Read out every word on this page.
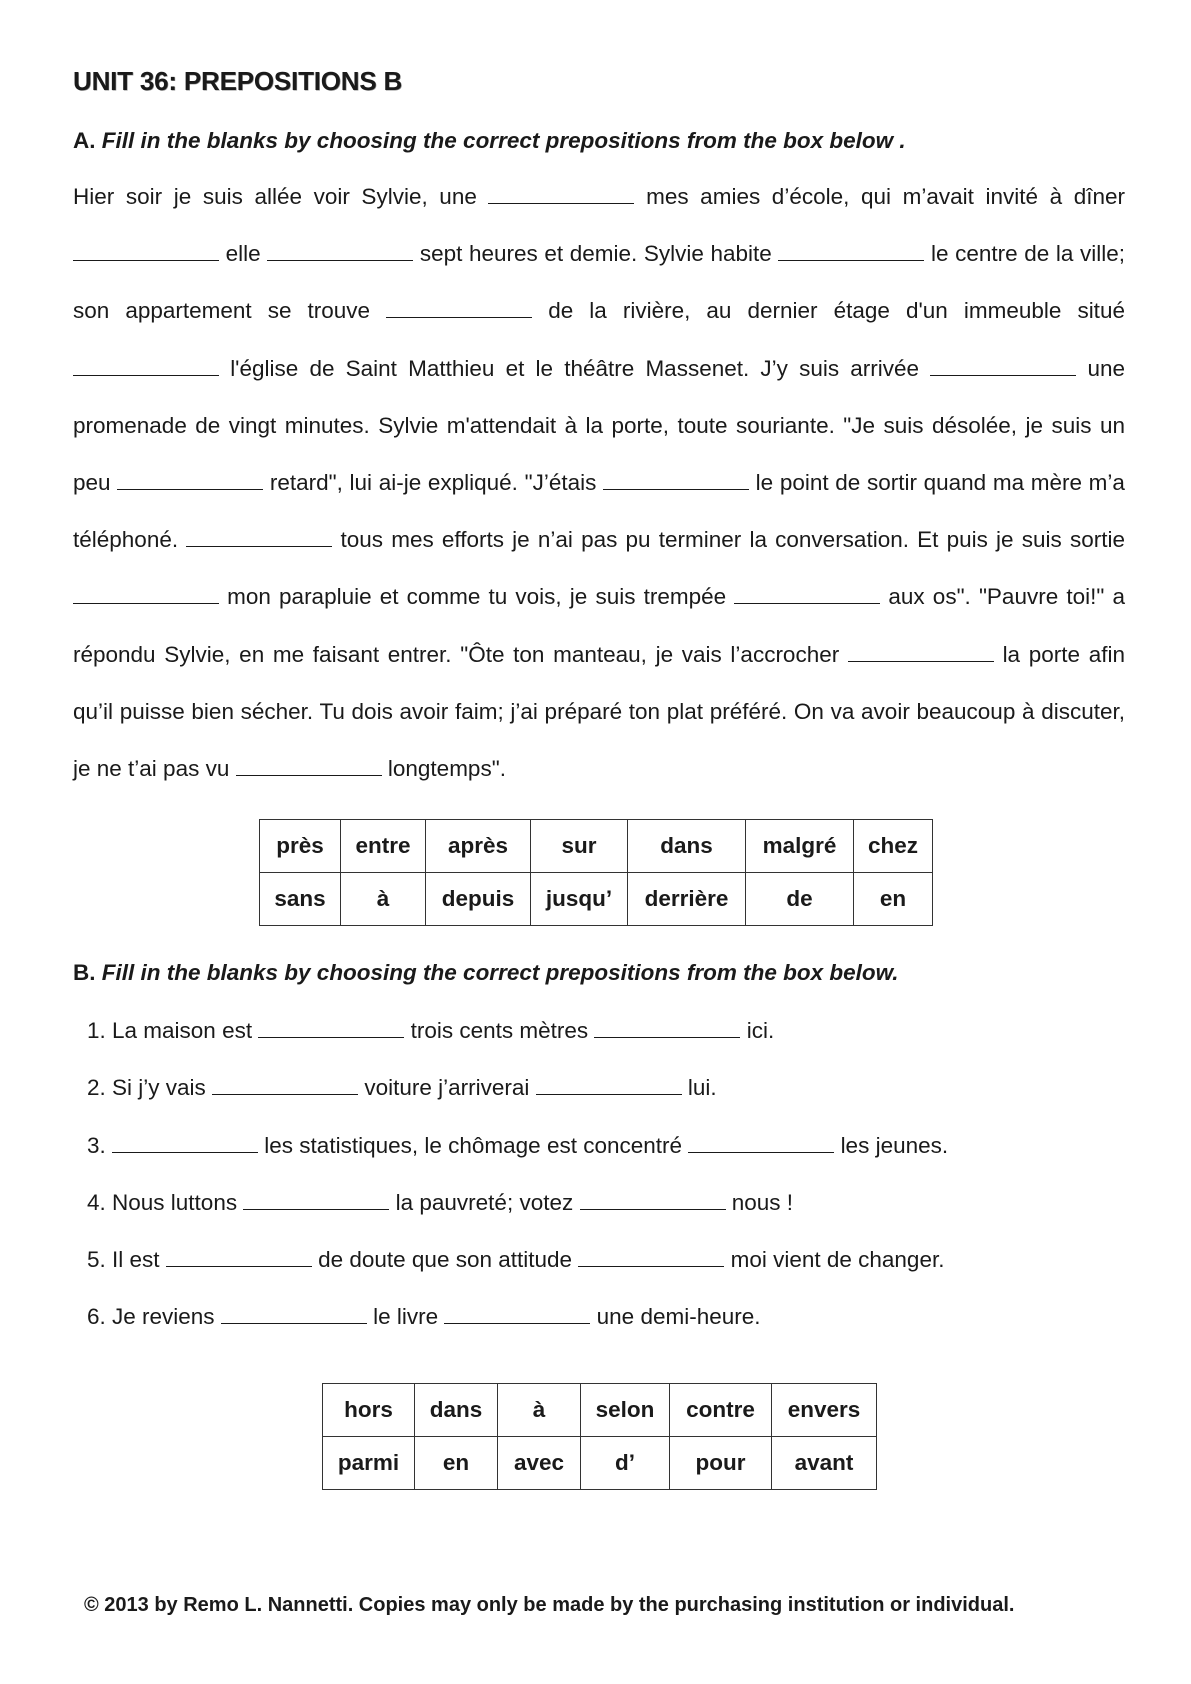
UNIT 36: PREPOSITIONS B

A. Fill in the blanks by choosing the correct prepositions from the box below .

Hier soir je suis allée voir Sylvie, une	mes amies d’école, qui m’avait invité à dîner  elle	sept heures et demie. Sylvie habite	le centre de la ville; son appartement se trouve	de la rivière, au dernier étage d'un immeuble situé  l'église de Saint Matthieu et le théâtre Massenet. J’y suis arrivée	une promenade de vingt minutes. Sylvie m'attendait à la porte, toute souriante. "Je suis désolée, je suis un peu	retard", lui ai-je expliqué. "J’étais	le point de sortir quand ma mère m’a téléphoné.	tous mes efforts je n’ai pas pu terminer la conversation. Et puis je suis sortie  mon parapluie et comme tu vois, je suis trempée	aux os". "Pauvre toi!" a répondu Sylvie, en me faisant entrer. "Ôte ton manteau, je vais l’accrocher	la porte afin qu’il puisse bien sécher. Tu dois avoir faim; j’ai préparé ton plat préféré. On va avoir beaucoup à discuter, je ne t’ai pas vu	longtemps".

près	entre	après	sur	dans	malgré	chez
sans	à	depuis	jusqu’	derrière	de	en

B. Fill in the blanks by choosing the correct prepositions from the box below.

1. La maison est	trois cents mètres	ici.
2. Si j’y vais	voiture j’arriverai	lui.
3.	les statistiques, le chômage est concentré	les jeunes.
4. Nous luttons	la pauvreté; votez	nous !
5. Il est	de doute que son attitude	moi vient de changer.
6. Je reviens	le livre	une demi-heure.
hors	dans	à	selon	contre	envers
parmi	en	avec	d’	pour	avant
© 2013 by Remo L. Nannetti. Copies may only be made by the purchasing institution or individual.
